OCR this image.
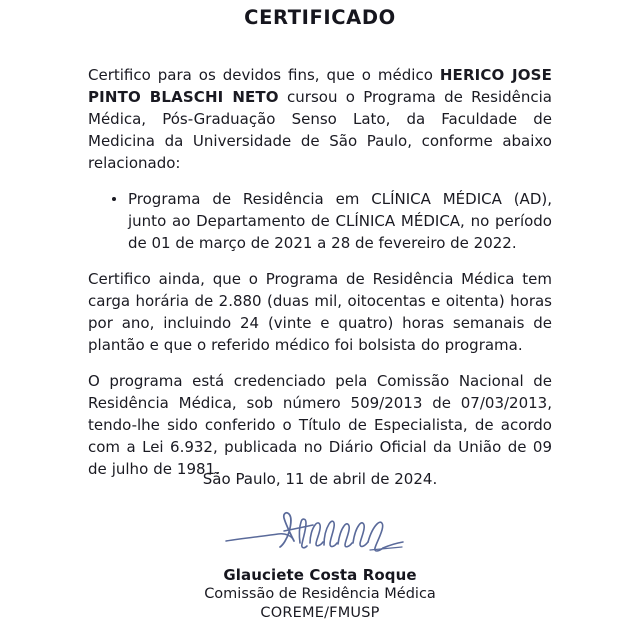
CERTIFICADO

Certifico para os devidos fins, que o médico HERICO JOSE PINTO BLASCHI NETO cursou o Programa de Residência Médica, Pós-Graduação Senso Lato, da Faculdade de Medicina da Universidade de São Paulo, conforme abaixo relacionado:

Programa de Residência em CLÍNICA MÉDICA (AD), junto ao Departamento de CLÍNICA MÉDICA, no período de 01 de março de 2021 a 28 de fevereiro de 2022.

Certifico ainda, que o Programa de Residência Médica tem carga horária de 2.880 (duas mil, oitocentas e oitenta) horas por ano, incluindo 24 (vinte e quatro) horas semanais de plantão e que o referido médico foi bolsista do programa.

O programa está credenciado pela Comissão Nacional de Residência Médica, sob número 509/2013 de 07/03/2013, tendo-lhe sido conferido o Título de Especialista, de acordo com a Lei 6.932, publicada no Diário Oficial da União de 09 de julho de 1981.

São Paulo, 11 de abril de 2024.
Glauciete Costa Roque
Comissão de Residência Médica
COREME/FMUSP
